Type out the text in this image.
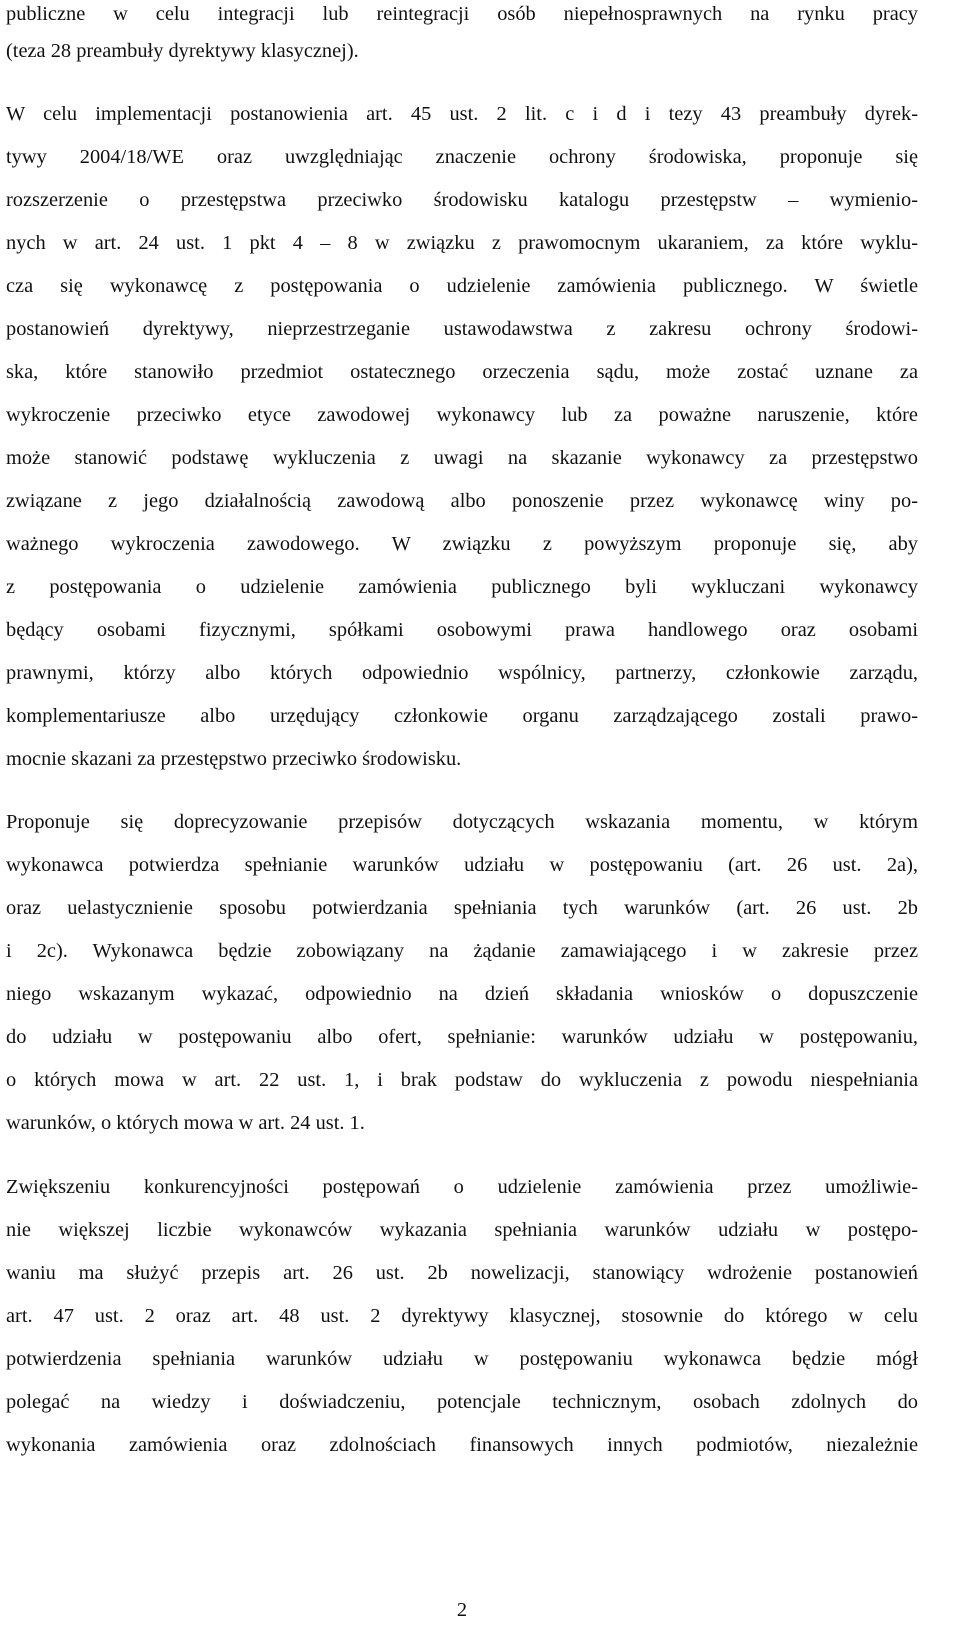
publiczne w celu integracji lub reintegracji osób niepełnosprawnych na rynku pracy
(teza 28 preambuły dyrektywy klasycznej).
W celu implementacji postanowienia art. 45 ust. 2 lit. c i d i tezy 43 preambuły dyrek-
tywy 2004/18/WE oraz uwzględniając znaczenie ochrony środowiska, proponuje się
rozszerzenie o przestępstwa przeciwko środowisku katalogu przestępstw – wymienio-
nych w art. 24 ust. 1 pkt 4 – 8 w związku z prawomocnym ukaraniem, za które wyklu-
cza się wykonawcę z postępowania o udzielenie zamówienia publicznego. W świetle
postanowień dyrektywy, nieprzestrzeganie ustawodawstwa z zakresu ochrony środowi-
ska, które stanowiło przedmiot ostatecznego orzeczenia sądu, może zostać uznane za
wykroczenie przeciwko etyce zawodowej wykonawcy lub za poważne naruszenie, które
może stanowić podstawę wykluczenia z uwagi na skazanie wykonawcy za przestępstwo
związane z jego działalnością zawodową albo ponoszenie przez wykonawcę winy po-
ważnego wykroczenia zawodowego. W związku z powyższym proponuje się, aby
z postępowania o udzielenie zamówienia publicznego byli wykluczani wykonawcy
będący osobami fizycznymi, spółkami osobowymi prawa handlowego oraz osobami
prawnymi, którzy albo których odpowiednio wspólnicy, partnerzy, członkowie zarządu,
komplementariusze albo urzędujący członkowie organu zarządzającego zostali prawo-
mocnie skazani za przestępstwo przeciwko środowisku.
Proponuje się doprecyzowanie przepisów dotyczących wskazania momentu, w którym
wykonawca potwierdza spełnianie warunków udziału w postępowaniu (art. 26 ust. 2a),
oraz uelastycznienie sposobu potwierdzania spełniania tych warunków (art. 26 ust. 2b
i 2c). Wykonawca będzie zobowiązany na żądanie zamawiającego i w zakresie przez
niego wskazanym wykazać, odpowiednio na dzień składania wniosków o dopuszczenie
do udziału w postępowaniu albo ofert, spełnianie: warunków udziału w postępowaniu,
o których mowa w art. 22 ust. 1, i brak podstaw do wykluczenia z powodu niespełniania
warunków, o których mowa w art. 24 ust. 1.
Zwiększeniu konkurencyjności postępowań o udzielenie zamówienia przez umożliwie-
nie większej liczbie wykonawców wykazania spełniania warunków udziału w postępo-
waniu ma służyć przepis art. 26 ust. 2b nowelizacji, stanowiący wdrożenie postanowień
art. 47 ust. 2 oraz art. 48 ust. 2 dyrektywy klasycznej, stosownie do którego w celu
potwierdzenia spełniania warunków udziału w postępowaniu wykonawca będzie mógł
polegać na wiedzy i doświadczeniu, potencjale technicznym, osobach zdolnych do
wykonania zamówienia oraz zdolnościach finansowych innych podmiotów, niezależnie
2
